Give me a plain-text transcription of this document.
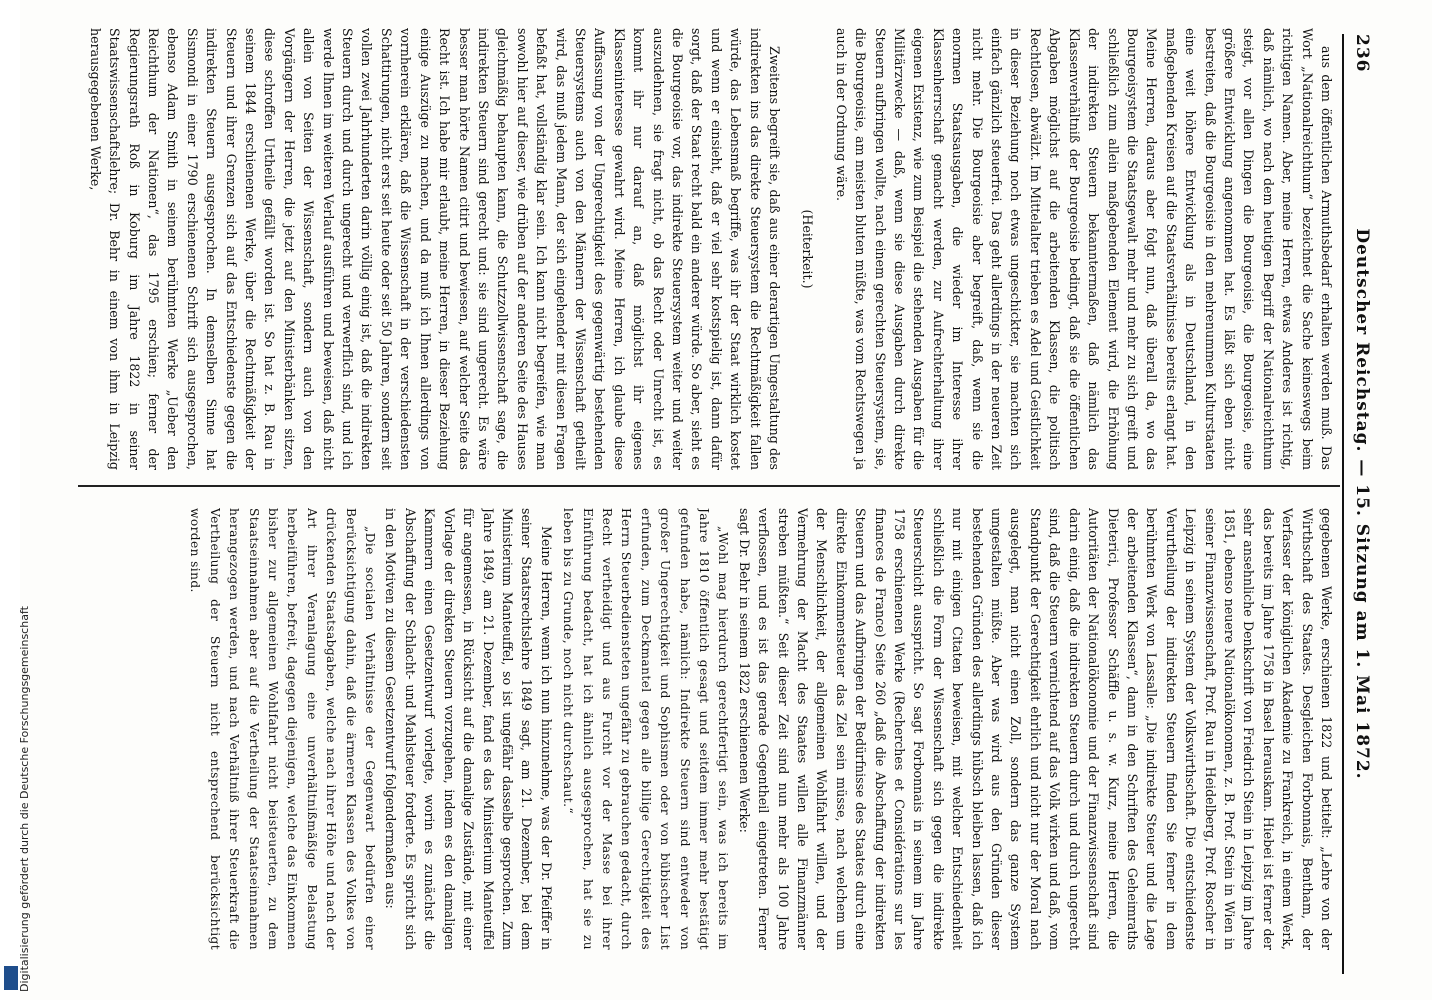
236
Deutscher Reichstag. — 15. Sitzung am 1. Mai 1872.

aus dem öffentlichen Armuthsbedarf erhalten werden muß. Das Wort „Nationalreichthum“ bezeichnet die Sache keineswegs beim richtigen Namen. Aber, meine Herren, etwas Anderes ist richtig, daß nämlich, wo nach dem heutigen Begriff der Nationalreichthum steigt, vor allen Dingen die Bourgeoisie, die Bourgeoisie, eine größere Entwicklung angenommen hat. Es läßt sich eben nicht bestreiten, daß die Bourgeoisie in den mehrenummen Kulturstaaten eine weit höhere Entwicklung als in Deutschland, in den maßgebenden Kreisen auf die Staatsverhältnisse bereits erlangt hat. Meine Herren, daraus aber folgt nun, daß überall da, wo das Bourgeoisystem die Staatsgewalt mehr und mehr zu sich greift und schließlich zum allein maßgebenden Element wird, die Erhöhung der indirekten Steuern bekanntermaßen, daß nämlich das Klassenverhältniß der Bourgeoisie bedingt, daß sie die öffentlichen Abgaben möglichst auf die arbeitenden Klassen, die politisch Rechtlosen, abwälzt. Im Mittelalter trieben es Adel und Geistlichkeit in dieser Beziehung noch etwas ungeschickter, sie machten sich einfach gänzlich steuerfrei. Das geht allerdings in der neueren Zeit nicht mehr. Die Bourgeoisie aber begreift, daß, wenn sie die enormen Staatsausgaben, die wieder im Interesse ihrer Klassenherrschaft gemacht werden, zur Aufrechterhaltung ihrer eigenen Existenz, wie zum Beispiel die stehenden Ausgaben für die Militärzwecke — daß, wenn sie diese Ausgaben durch direkte Steuern aufbringen wollte, nach einem gerechten Steuersystem, sie, die Bourgeoisie, am meisten bluten müßte, was vom Rechtswegen ja auch in der Ordnung wäre.

(Heiterkeit.)

Zweitens begreift sie, daß aus einer derartigen Umgestaltung des indirekten ins das direkte Steuersystem die Rechtmäßigkeit fallen würde, das Lebensmaß begriffe, was ihr der Staat wirklich kostet und wenn er einsieht, daß er viel sehr kostspielig ist, dann dafür sorgt, daß der Staat recht bald ein anderer würde. So aber, sieht es die Bourgeoisie vor, das indirekte Steuersystem weiter und weiter auszudehnen, sie fragt nicht, ob das Recht oder Unrecht ist, es kommt ihr nur darauf an, daß möglichst ihr eigenes Klasseninteresse gewahrt wird. Meine Herren, ich glaube diese Auffassung von der Ungerechtigkeit des gegenwärtig bestehenden Steuersystems auch von den Männern der Wissenschaft getheilt wird, das muß jedem Mann, der sich eingehender mit diesen Fragen befaßt hat, vollständig klar sein. Ich kann nicht begreifen, wie man sowohl hier auf dieser, wie drüben auf der anderen Seite des Hauses gleichmäßig behaupten kann, die Schutzzollwissenschaft sage, die indirekten Steuern sind gerecht und: sie sind ungerecht. Es wäre besser man hörte Namen citirt und bewiesen, auf welcher Seite das Recht ist. Ich habe mir erlaubt, meine Herren, in dieser Beziehung einige Auszüge zu machen, und da muß ich Ihnen allerdings von vornherein erklären, daß die Wissenschaft in der verschiedensten Schattirungen, nicht erst seit heute oder seit 50 Jahren, sondern seit vollen zwei Jahrhunderten darin völlig einig ist, daß die indirekten Steuern durch und durch ungerecht und verwerflich sind, und ich werde Ihnen im weiteren Verlauf ausführen und beweisen, daß nicht allein von Seiten der Wissenschaft, sondern auch von den Vorgängern der Herren, die jetzt auf den Ministerbänken sitzen, diese schroffen Urtheile gefällt worden ist. So hat z. B. Rau in seinem 1844 erschienenen Werke, über die Rechtmäßigkeit der Steuern und ihrer Grenzen sich auf das Entschiedenste gegen die indirekten Steuern ausgesprochen. In demselben Sinne hat Sismondi in einer 1790 erschienenen Schrift sich ausgesprochen, ebenso Adam Smith in seinem berühmten Werke „Ueber den Reichthum der Nationen“, das 1795 erschien; ferner der Regierungsrath Roß in Koburg im Jahre 1822 in seiner Staatswissenschaftslehre; Dr. Behr in einem von ihm in Leipzig herausgegebenen Werke,

gegebenen Werke, erschienen 1822 und betitelt: „Lehre von der Wirthschaft des Staates. Desgleichen Forbonnais, Bentham, der Verfasser der königlichen Akademie zu Frankreich, in einem Werk, das bereits im Jahre 1758 in Basel herauskam. Hiebei ist ferner der sehr ansehnliche Denkschrift von Friedrich Stein in Leipzig im Jahre 1851, ebenso neuere Nationalökonomen, z. B. Prof. Stein in Wien in seiner Finanzwissenschaft, Prof. Rau in Heidelberg, Prof. Roscher in Leipzig in seinem System der Volkswirthschaft. Die entschiedenste Verurtheilung der indirekten Steuern finden Sie ferner in dem berühmten Werk von Lassalle: „Die indirekte Steuer und die Lage der arbeitenden Klassen“, dann in den Schriften des Geheimraths Dieterici, Professor Schäffle u. s. w. Kurz, meine Herren, die Autoritäten der Nationalökonomie und der Finanzwissenschaft sind darin einig, daß die indirekten Steuern durch und durch ungerecht sind, daß die Steuern vernichtend auf das Volk wirken und daß, vom Standpunkt der Gerechtigkeit ehrlich und nicht nur der Moral nach ausgelegt, man nicht einen Zoll, sondern das ganze System umgestalten müßte. Aber was wird aus den Gründen dieser bestehenden Gründen des allerdings hübsch bleiben lassen, daß ich nur mit einigen Citaten beweisen, mit welcher Entschiedenheit schließlich die Form der Wissenschaft sich gegen die indirekte Steuerschicht ausspricht. So sagt Forbonnais in seinem im Jahre 1758 erschienenen Werke (Recherches et Considérations sur les finances de France) Seite 260 „daß die Abschaffung der indirekten Steuern und das Aufbringen der Bedürfnisse des Staates durch eine direkte Einkommensteuer das Ziel sein müsse, nach welchem um der Menschlichkeit, der allgemeinen Wohlfahrt willen, und der Vermehrung der Macht des Staates willen alle Finanzmänner streben müßten.“ Seit dieser Zeit sind nun mehr als 100 Jahre verflossen, und es ist das gerade Gegentheil eingetreten. Ferner sagt Dr. Behr in seinem 1822 erschienenen Werke:

„Wohl mag hierdurch gerechtfertigt sein, was ich bereits im Jahre 1810 öffentlich gesagt und seitdem immer mehr bestätigt gefunden habe, nämlich: Indirekte Steuern sind entweder von großer Ungerechtigkeit und Sophismen oder von bübischer List erfunden, zum Deckmantel gegen alle billige Gerechtigkeit des Herrn Steuerbediensteten ungefähr zu gebrauchen gedacht, durch Recht vertheidigt und aus Furcht vor der Masse bei ihrer Einführung bedacht, hat ich ähnlich ausgesprochen, hat sie zu leben bis zu Grunde, noch nicht durchschaut.“

Meine Herren, wenn ich nun hinzunehme, was der Dr. Pfeiffer in seiner Staatsrechtslehre 1849 sagt, am 21. Dezember, bei dem Ministerium Manteuffel, so ist ungefähr dasselbe gesprochen. Zum Jahre 1849, am 21. Dezember, fand es das Ministerium Manteuffel für angemessen, in Rücksicht auf die damalige Zustände, mit einer Vorlage der direkten Steuern vorzugehen, indem es den damaligen Kammern einen Gesetzentwurf vorlegte, worin es zunächst die Abschaffung der Schlacht- und Mahlsteuer forderte. Es spricht sich in den Motiven zu diesem Gesetzentwurf folgendermaßen aus:

„Die socialen Verhältnisse der Gegenwart bedürfen einer Berücksichtigung dahin, daß die ärmeren Klassen des Volkes von drückenden Staatsabgaben, welche nach ihrer Höhe und nach der Art ihrer Veranlagung eine unverhältnißmäßige Belastung herbeiführen, befreit, dagegen diejenigen, welche das Einkommen bisher zur allgemeinen Wohlfahrt nicht beisteuerten, zu dem Staatseinnahmen aber auf die Vertheilung der Staatseinnahmen herangezogen werden, und nach Verhältniß ihrer Steuerkraft die Vertheilung der Steuern nicht entsprechend berücksichtigt worden sind.

Digitalisierung gefördert durch die Deutsche Forschungsgemeinschaft
